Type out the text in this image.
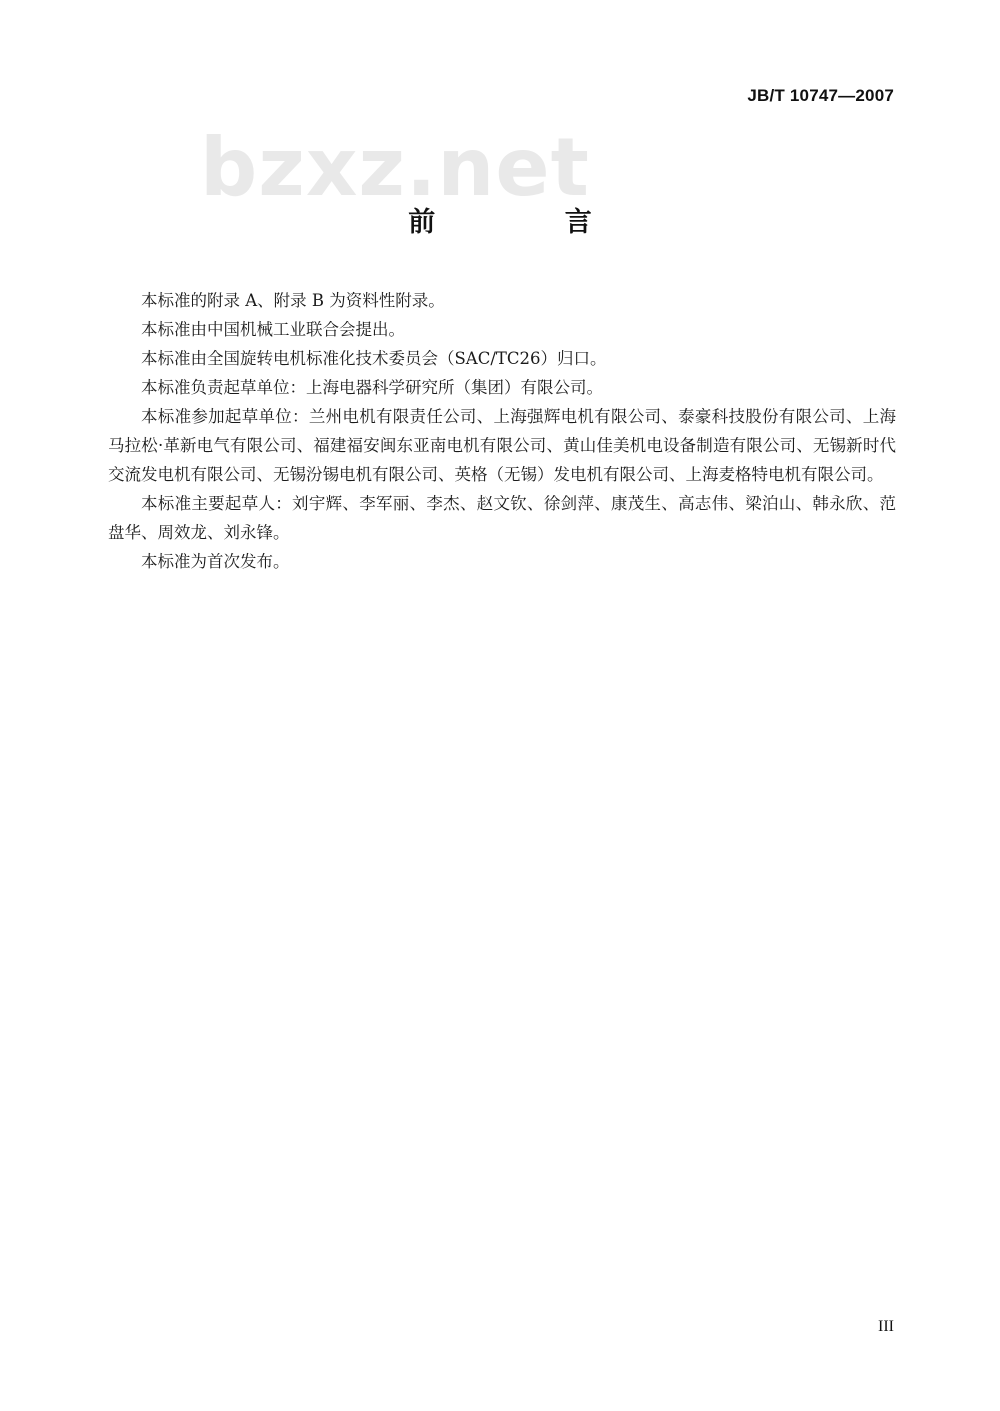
JB/T 10747—2007
bzxz.net
前 言

本标准的附录 A、附录 B 为资料性附录。

本标准由中国机械工业联合会提出。

本标准由全国旋转电机标准化技术委员会（SAC/TC26）归口。

本标准负责起草单位：上海电器科学研究所（集团）有限公司。

本标准参加起草单位：兰州电机有限责任公司、上海强辉电机有限公司、泰豪科技股份有限公司、上海马拉松·革新电气有限公司、福建福安闽东亚南电机有限公司、黄山佳美机电设备制造有限公司、无锡新时代交流发电机有限公司、无锡汾锡电机有限公司、英格（无锡）发电机有限公司、上海麦格特电机有限公司。

本标准主要起草人：刘宇辉、李军丽、李杰、赵文钦、徐剑萍、康茂生、高志伟、梁泊山、韩永欣、范盘华、周效龙、刘永锋。

本标准为首次发布。

III
